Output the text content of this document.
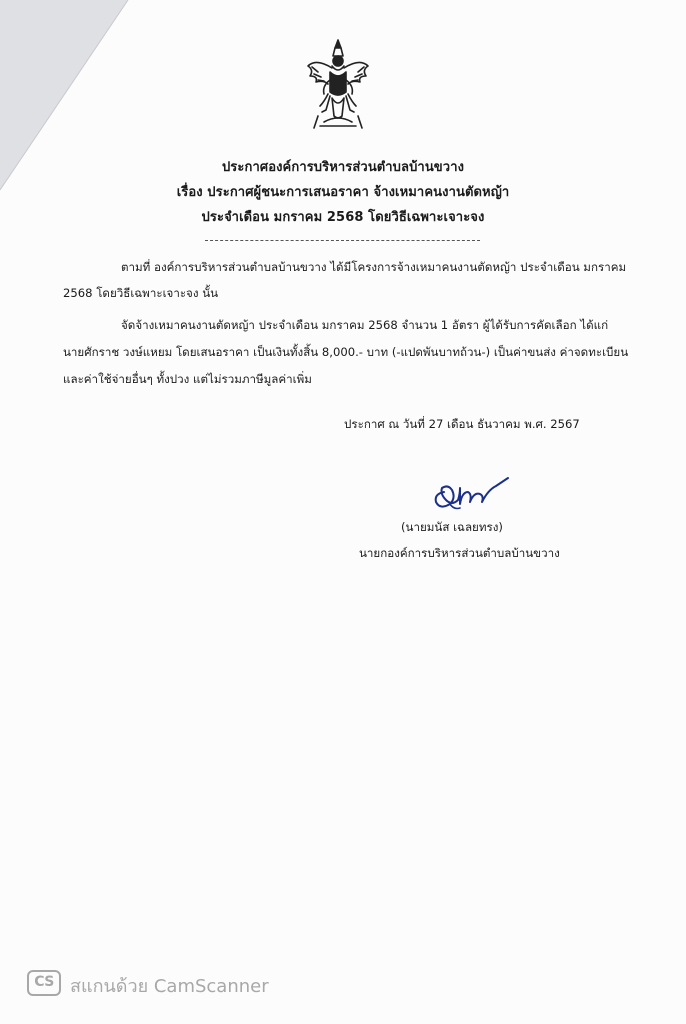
ประกาศองค์การบริหารส่วนตำบลบ้านขวาง
เรื่อง ประกาศผู้ชนะการเสนอราคา จ้างเหมาคนงานตัดหญ้า
ประจำเดือน มกราคม 2568 โดยวิธีเฉพาะเจาะจง
ตามที่ องค์การบริหารส่วนตำบลบ้านขวาง ได้มีโครงการจ้างเหมาคนงานตัดหญ้า ประจำเดือน มกราคม
2568 โดยวิธีเฉพาะเจาะจง นั้น
จัดจ้างเหมาคนงานตัดหญ้า ประจำเดือน มกราคม 2568 จำนวน 1 อัตรา ผู้ได้รับการคัดเลือก ได้แก่
นายศักราช วงษ์แหยม โดยเสนอราคา เป็นเงินทั้งสิ้น 8,000.- บาท (-แปดพันบาทถ้วน-) เป็นค่าขนส่ง ค่าจดทะเบียน
และค่าใช้จ่ายอื่นๆ ทั้งปวง แต่ไม่รวมภาษีมูลค่าเพิ่ม
ประกาศ ณ วันที่ 27 เดือน ธันวาคม พ.ศ. 2567
(นายมนัส เฉลยทรง)
นายกองค์การบริหารส่วนตำบลบ้านขวาง
CS สแกนด้วย CamScanner
